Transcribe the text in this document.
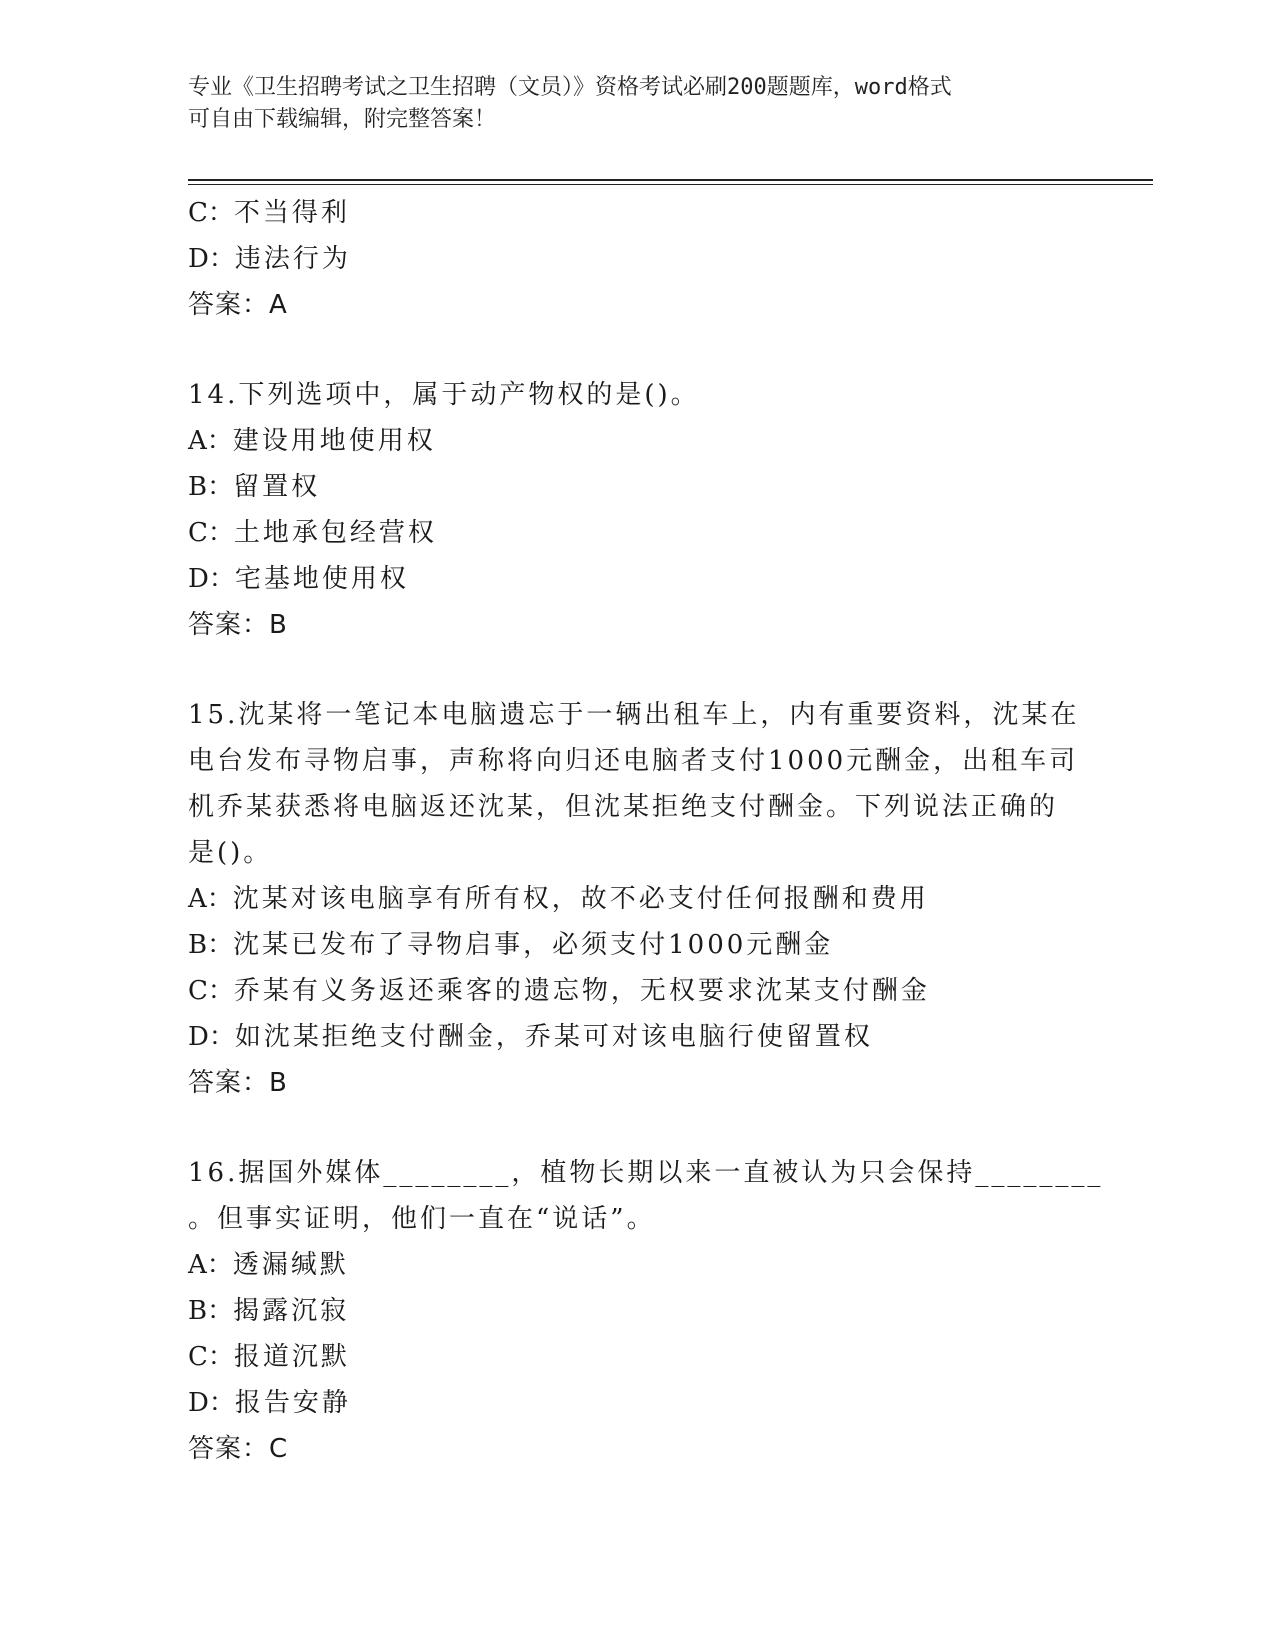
专业《卫生招聘考试之卫生招聘（文员）》资格考试必刷200题题库，word格式
可自由下载编辑，附完整答案！
C：不当得利
D：违法行为
答案：A
14.下列选项中，属于动产物权的是()。
A：建设用地使用权
B：留置权
C：土地承包经营权
D：宅基地使用权
答案：B
15.沈某将一笔记本电脑遗忘于一辆出租车上，内有重要资料，沈某在
电台发布寻物启事，声称将向归还电脑者支付1000元酬金，出租车司
机乔某获悉将电脑返还沈某，但沈某拒绝支付酬金。下列说法正确的
是()。
A：沈某对该电脑享有所有权，故不必支付任何报酬和费用
B：沈某已发布了寻物启事，必须支付1000元酬金
C：乔某有义务返还乘客的遗忘物，无权要求沈某支付酬金
D：如沈某拒绝支付酬金，乔某可对该电脑行使留置权
答案：B
16.据国外媒体________，植物长期以来一直被认为只会保持________
。但事实证明，他们一直在“说话”。
A：透漏缄默
B：揭露沉寂
C：报道沉默
D：报告安静
答案：C
